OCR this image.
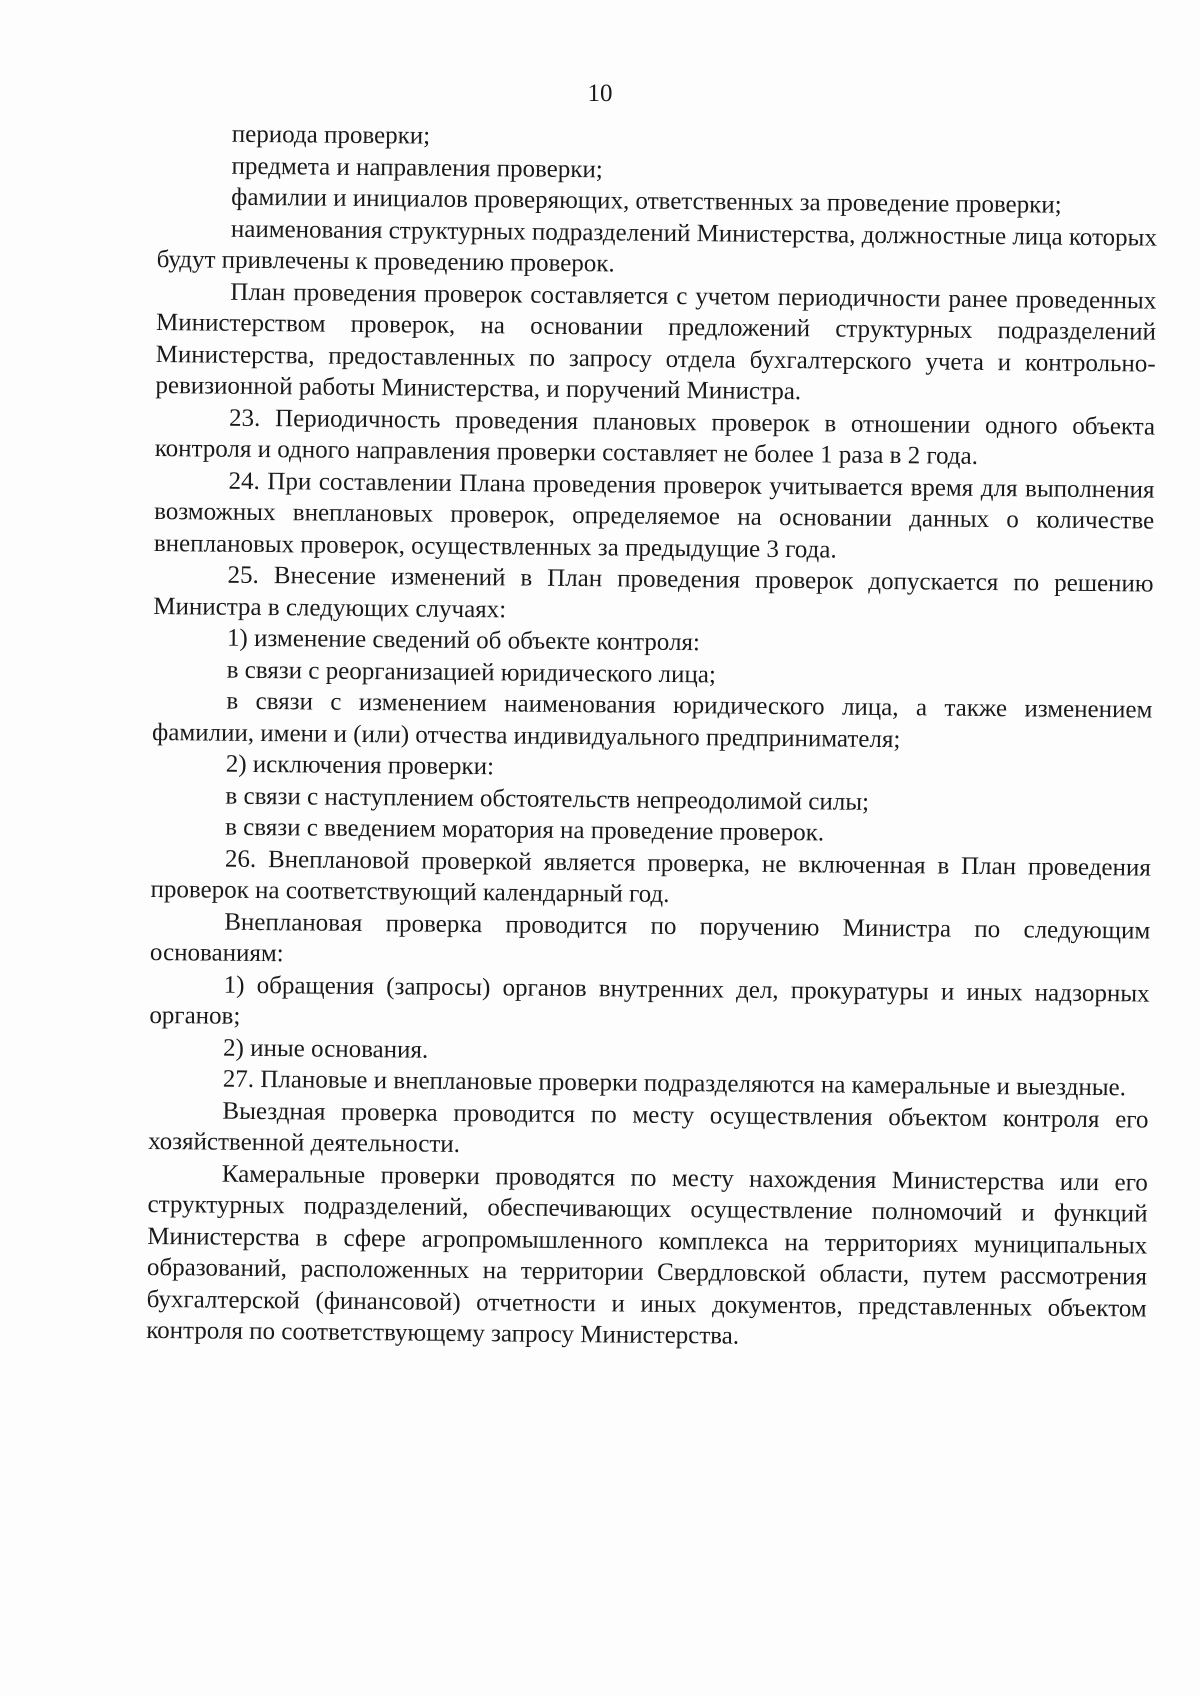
10

периода проверки;

предмета и направления проверки;

фамилии и инициалов проверяющих, ответственных за проведение проверки;

наименования структурных подразделений Министерства, должностные лица которых будут привлечены к проведению проверок.

План проведения проверок составляется с учетом периодичности ранее проведенных Министерством проверок, на основании предложений структурных подразделений Министерства, предоставленных по запросу отдела бухгалтерского учета и контрольно-ревизионной работы Министерства, и поручений Министра.

23. Периодичность проведения плановых проверок в отношении одного объекта контроля и одного направления проверки составляет не более 1 раза в 2 года.

24. При составлении Плана проведения проверок учитывается время для выполнения возможных внеплановых проверок, определяемое на основании данных о количестве внеплановых проверок, осуществленных за предыдущие 3 года.

25. Внесение изменений в План проведения проверок допускается по решению Министра в следующих случаях:

1) изменение сведений об объекте контроля:

в связи с реорганизацией юридического лица;

в связи с изменением наименования юридического лица, а также изменением фамилии, имени и (или) отчества индивидуального предпринимателя;

2) исключения проверки:

в связи с наступлением обстоятельств непреодолимой силы;

в связи с введением моратория на проведение проверок.

26. Внеплановой проверкой является проверка, не включенная в План проведения проверок на соответствующий календарный год.

Внеплановая проверка проводится по поручению Министра по следующим основаниям:

1) обращения (запросы) органов внутренних дел, прокуратуры и иных надзорных органов;

2) иные основания.

27. Плановые и внеплановые проверки подразделяются на камеральные и выездные.

Выездная проверка проводится по месту осуществления объектом контроля его хозяйственной деятельности.

Камеральные проверки проводятся по месту нахождения Министерства или его структурных подразделений, обеспечивающих осуществление полномочий и функций Министерства в сфере агропромышленного комплекса на территориях муниципальных образований, расположенных на территории Свердловской области, путем рассмотрения бухгалтерской (финансовой) отчетности и иных документов, представленных объектом контроля по соответствующему запросу Министерства.
